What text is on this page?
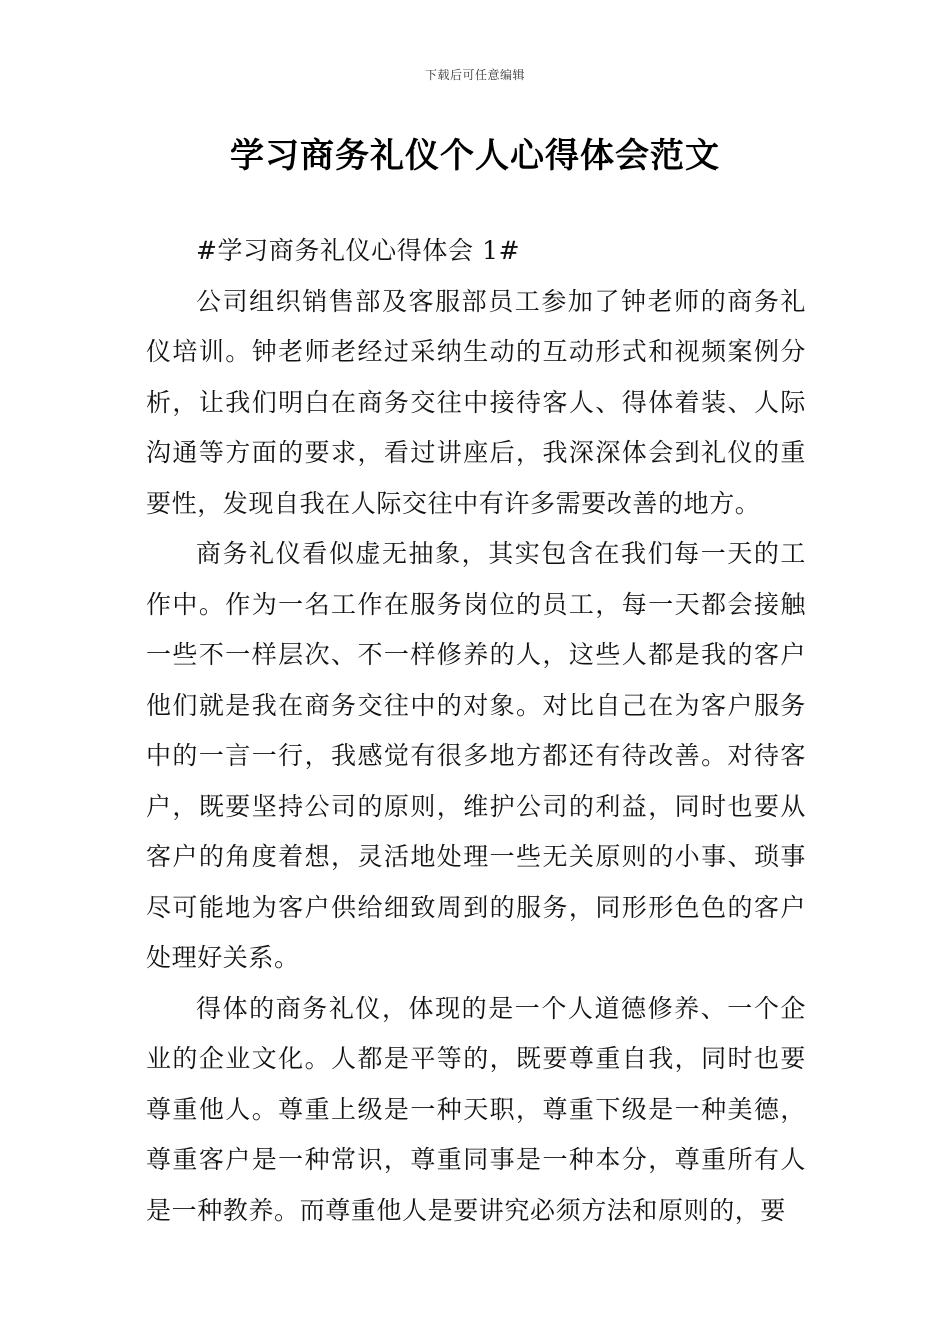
下载后可任意编辑
学习商务礼仪个人心得体会范文

#学习商务礼仪心得体会 1#

公司组织销售部及客服部员工参加了钟老师的商务礼仪培训。钟老师老经过采纳生动的互动形式和视频案例分析，让我们明白在商务交往中接待客人、得体着装、人际沟通等方面的要求，看过讲座后，我深深体会到礼仪的重要性，发现自我在人际交往中有许多需要改善的地方。

商务礼仪看似虚无抽象，其实包含在我们每一天的工作中。作为一名工作在服务岗位的员工，每一天都会接触一些不一样层次、不一样修养的人，这些人都是我的客户他们就是我在商务交往中的对象。对比自己在为客户服务中的一言一行，我感觉有很多地方都还有待改善。对待客户，既要坚持公司的原则，维护公司的利益，同时也要从客户的角度着想，灵活地处理一些无关原则的小事、琐事尽可能地为客户供给细致周到的服务，同形形色色的客户处理好关系。

得体的商务礼仪，体现的是一个人道德修养、一个企业的企业文化。人都是平等的，既要尊重自我，同时也要尊重他人。尊重上级是一种天职，尊重下级是一种美德，尊重客户是一种常识，尊重同事是一种本分，尊重所有人是一种教养。而尊重他人是要讲究必须方法和原则的，要
